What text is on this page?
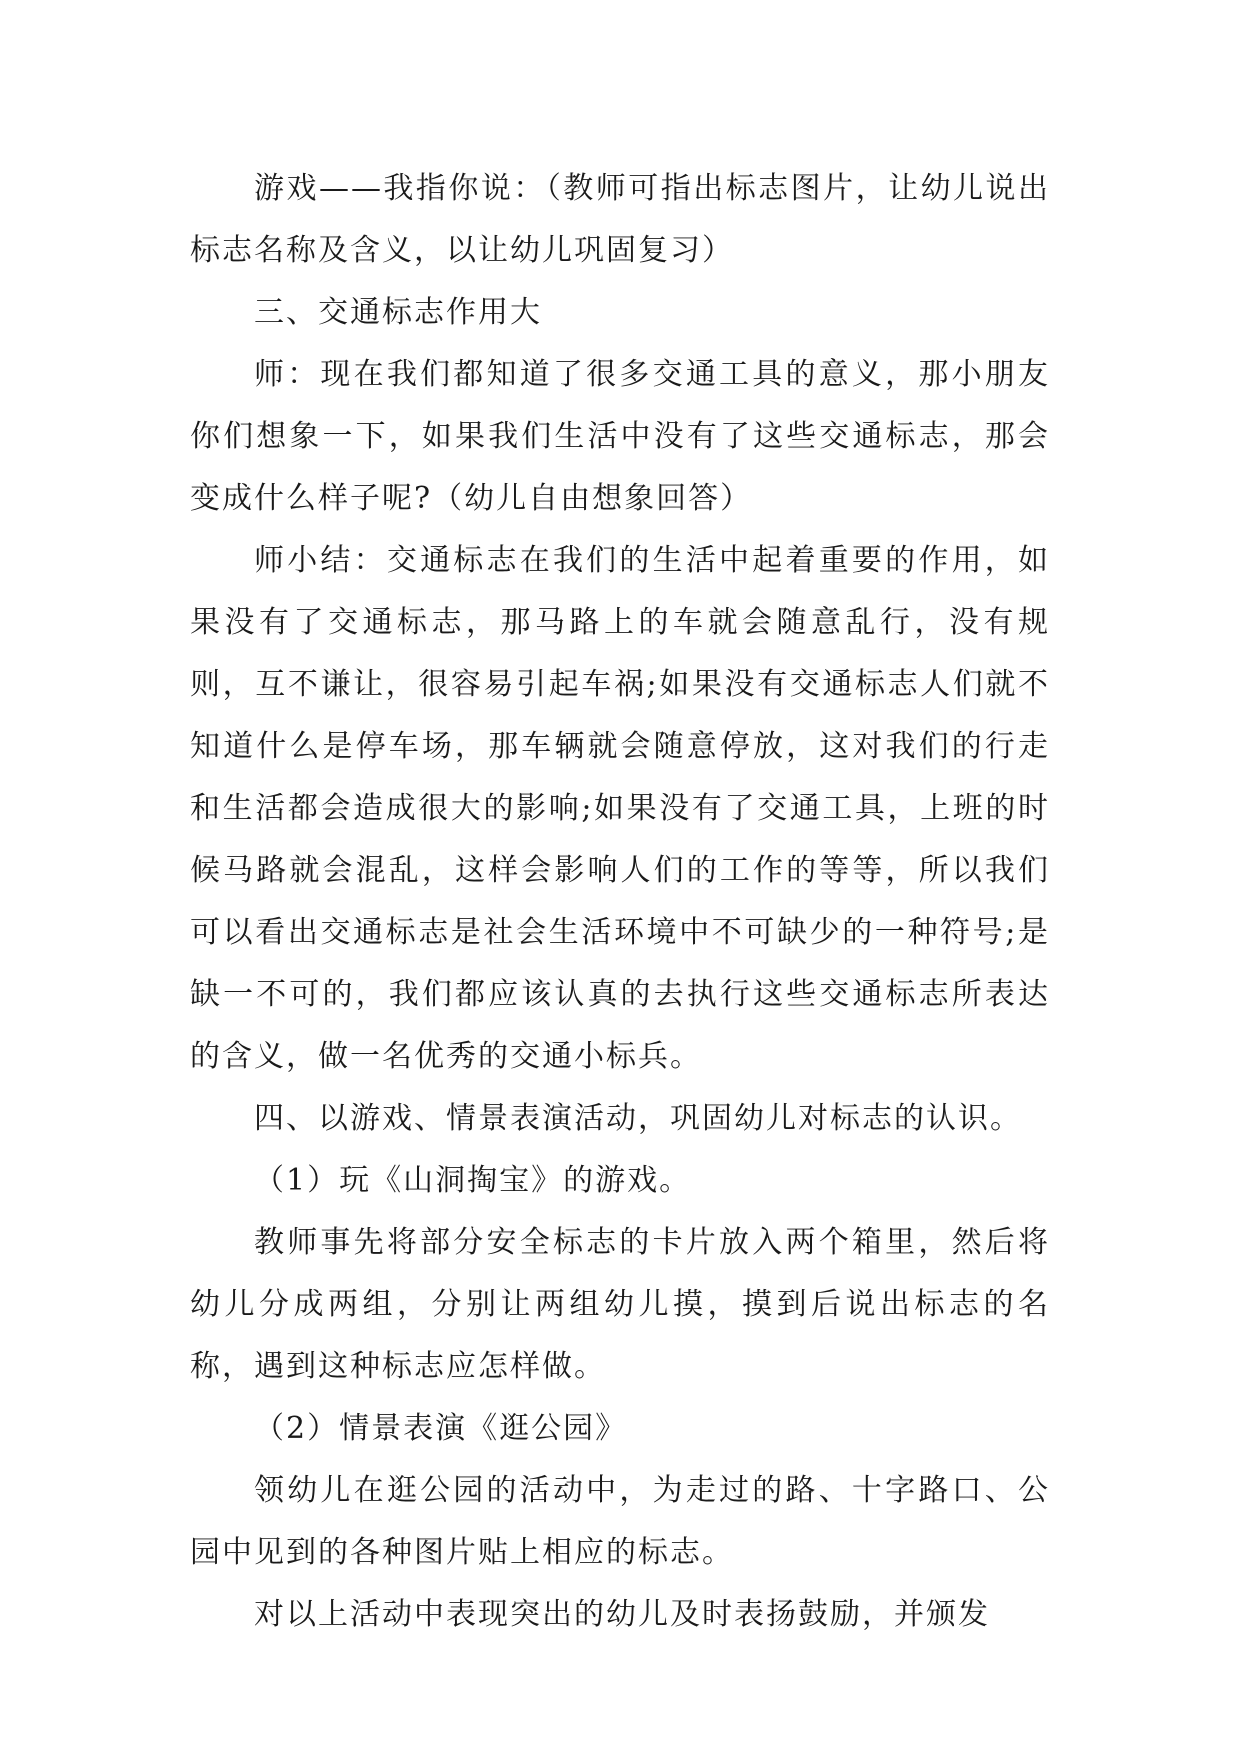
游戏——我指你说：（教师可指出标志图片，让幼儿说出标志名称及含义，以让幼儿巩固复习）

三、交通标志作用大

师：现在我们都知道了很多交通工具的意义，那小朋友你们想象一下，如果我们生活中没有了这些交通标志，那会变成什么样子呢?（幼儿自由想象回答）

师小结：交通标志在我们的生活中起着重要的作用，如果没有了交通标志，那马路上的车就会随意乱行，没有规则，互不谦让，很容易引起车祸;如果没有交通标志人们就不知道什么是停车场，那车辆就会随意停放，这对我们的行走和生活都会造成很大的影响;如果没有了交通工具，上班的时候马路就会混乱，这样会影响人们的工作的等等，所以我们可以看出交通标志是社会生活环境中不可缺少的一种符号;是缺一不可的，我们都应该认真的去执行这些交通标志所表达的含义，做一名优秀的交通小标兵。

四、以游戏、情景表演活动，巩固幼儿对标志的认识。

（1）玩《山洞掏宝》的游戏。

教师事先将部分安全标志的卡片放入两个箱里，然后将幼儿分成两组，分别让两组幼儿摸，摸到后说出标志的名称，遇到这种标志应怎样做。

（2）情景表演《逛公园》

领幼儿在逛公园的活动中，为走过的路、十字路口、公园中见到的各种图片贴上相应的标志。

对以上活动中表现突出的幼儿及时表扬鼓励，并颁发
